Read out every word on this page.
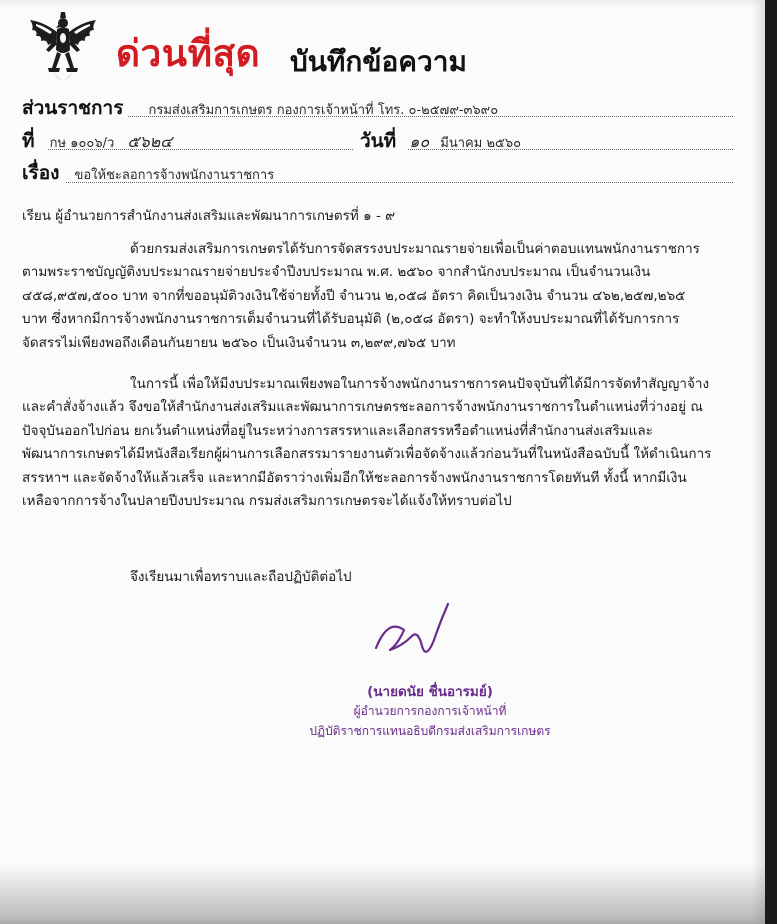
ด่วนที่สุด บันทึกข้อความ
ส่วนราชการ กรมส่งเสริมการเกษตร กองการเจ้าหน้าที่ โทร. ๐-๒๕๗๙-๓๖๙๐
ที่ กษ ๑๐๐๖/ว ๕๖๒๔	วันที่ ๑๐ มีนาคม ๒๕๖๐
เรื่อง ขอให้ชะลอการจ้างพนักงานราชการ
เรียน ผู้อำนวยการสำนักงานส่งเสริมและพัฒนาการเกษตรที่ ๑ - ๙

ด้วยกรมส่งเสริมการเกษตรได้รับการจัดสรรงบประมาณรายจ่ายเพื่อเป็นค่าตอบแทนพนักงานราชการ ตามพระราชบัญญัติงบประมาณรายจ่ายประจำปีงบประมาณ พ.ศ. ๒๕๖๐ จากสำนักงบประมาณ เป็นจำนวนเงิน ๔๕๘,๙๕๗,๕๐๐ บาท จากที่ขออนุมัติวงเงินใช้จ่ายทั้งปี จำนวน ๒,๐๕๘ อัตรา คิดเป็นวงเงิน จำนวน ๔๖๒,๒๕๗,๒๖๕ บาท ซึ่งหากมีการจ้างพนักงานราชการเต็มจำนวนที่ได้รับอนุมัติ (๒,๐๕๘ อัตรา) จะทำให้งบประมาณที่ได้รับการการจัดสรรไม่เพียงพอถึงเดือนกันยายน ๒๕๖๐ เป็นเงินจำนวน ๓,๒๙๙,๗๖๕ บาท

ในการนี้ เพื่อให้มีงบประมาณเพียงพอในการจ้างพนักงานราชการคนปัจจุบันที่ได้มีการจัดทำสัญญาจ้างและคำสั่งจ้างแล้ว จึงขอให้สำนักงานส่งเสริมและพัฒนาการเกษตรชะลอการจ้างพนักงานราชการในตำแหน่งที่ว่างอยู่ ณ ปัจจุบันออกไปก่อน ยกเว้นตำแหน่งที่อยู่ในระหว่างการสรรหาและเลือกสรรหรือตำแหน่งที่สำนักงานส่งเสริมและพัฒนาการเกษตรได้มีหนังสือเรียกผู้ผ่านการเลือกสรรมารายงานตัวเพื่อจัดจ้างแล้วก่อนวันที่ในหนังสือฉบับนี้ ให้ดำเนินการสรรหาฯ และจัดจ้างให้แล้วเสร็จ และหากมีอัตราว่างเพิ่มอีกให้ชะลอการจ้างพนักงานราชการโดยทันที ทั้งนี้ หากมีเงินเหลือจากการจ้างในปลายปีงบประมาณ กรมส่งเสริมการเกษตรจะได้แจ้งให้ทราบต่อไป

จึงเรียนมาเพื่อทราบและถือปฏิบัติต่อไป
(นายดนัย ชื่นอารมย์)
ผู้อำนวยการกองการเจ้าหน้าที่
ปฏิบัติราชการแทนอธิบดีกรมส่งเสริมการเกษตร
